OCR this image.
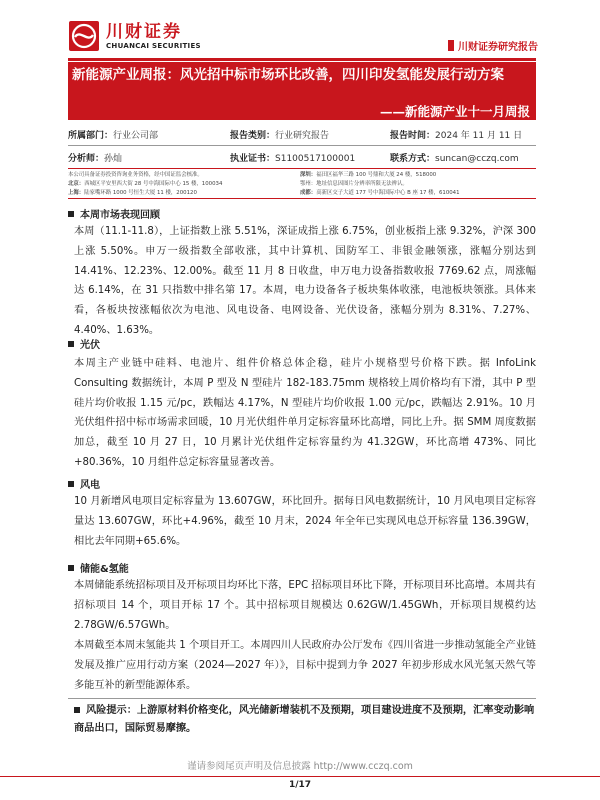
川财证券
CHUANCAI SECURITIES	川财证券研究报告
新能源产业周报：风光招中标市场环比改善，四川印发氢能发展行动方案
——新能源产业十一月周报
所属部门：行业公司部	报告类别：行业研究报告	报告时间：2024 年 11 月 11 日
分析师：孙灿	执业证书：S1100517100001	联系方式：suncan@cczq.com
本公司具备证券投资咨询业务资格，经中国证监会核准。	深圳：福田区福华三路 100 号鼎和大厦 24 楼，518000
北京：西城区平安里西大街 28 号中海国际中心 15 楼，100034	鄂州：地址信息因图片分辨率所限无法辨认。
上海：陆家嘴环路 1000 号恒生大厦 11 楼，200120	成都：高新区交子大道 177 号中海国际中心 B 座 17 楼，610041
本周市场表现回顾
本周（11.1-11.8），上证指数上涨 5.51%，深证成指上涨 6.75%，创业板指上涨 9.32%，沪深 300 上涨 5.50%。申万一级指数全部收涨，其中计算机、国防军工、非银金融领涨，涨幅分别达到 14.41%、12.23%、12.00%。截至 11 月 8 日收盘，申万电力设备指数收报 7769.62 点，周涨幅达 6.14%，在 31 只指数中排名第 17。本周，电力设备各子板块集体收涨，电池板块领涨。具体来看，各板块按涨幅依次为电池、风电设备、电网设备、光伏设备，涨幅分别为 8.31%、7.27%、4.40%、1.63%。
光伏
本周主产业链中硅料、电池片、组件价格总体企稳，硅片小规格型号价格下跌。据 InfoLink Consulting 数据统计，本周 P 型及 N 型硅片 182-183.75mm 规格较上周价格均有下滑，其中 P 型硅片均价收报 1.15 元/pc，跌幅达 4.17%，N 型硅片均价收报 1.00 元/pc，跌幅达 2.91%。10 月光伏组件招中标市场需求回暖，10 月光伏组件单月定标容量环比高增，同比上升。据 SMM 周度数据加总，截至 10 月 27 日，10 月累计光伏组件定标容量约为 41.32GW，环比高增 473%、同比+80.36%，10 月组件总定标容量显著改善。
风电
10 月新增风电项目定标容量为 13.607GW，环比回升。据每日风电数据统计，10 月风电项目定标容量达 13.607GW，环比+4.96%，截至 10 月末，2024 年全年已实现风电总开标容量 136.39GW，相比去年同期+65.6%。
储能&氢能
本周储能系统招标项目及开标项目均环比下落，EPC 招标项目环比下降，开标项目环比高增。本周共有招标项目 14 个，项目开标 17 个。其中招标项目规模达 0.62GW/1.45GWh，开标项目规模约达 2.78GW/6.57GWh。
本周截至本周末氢能共 1 个项目开工。本周四川人民政府办公厅发布《四川省进一步推动氢能全产业链发展及推广应用行动方案（2024—2027 年）》，目标中提到力争 2027 年初步形成水风光氢天然气等多能互补的新型能源体系。
风险提示：上游原材料价格变化，风光储新增装机不及预期，项目建设进度不及预期，汇率变动影响商品出口，国际贸易摩擦。
谨请参阅尾页声明及信息披露 http://www.cczq.com
1/17
